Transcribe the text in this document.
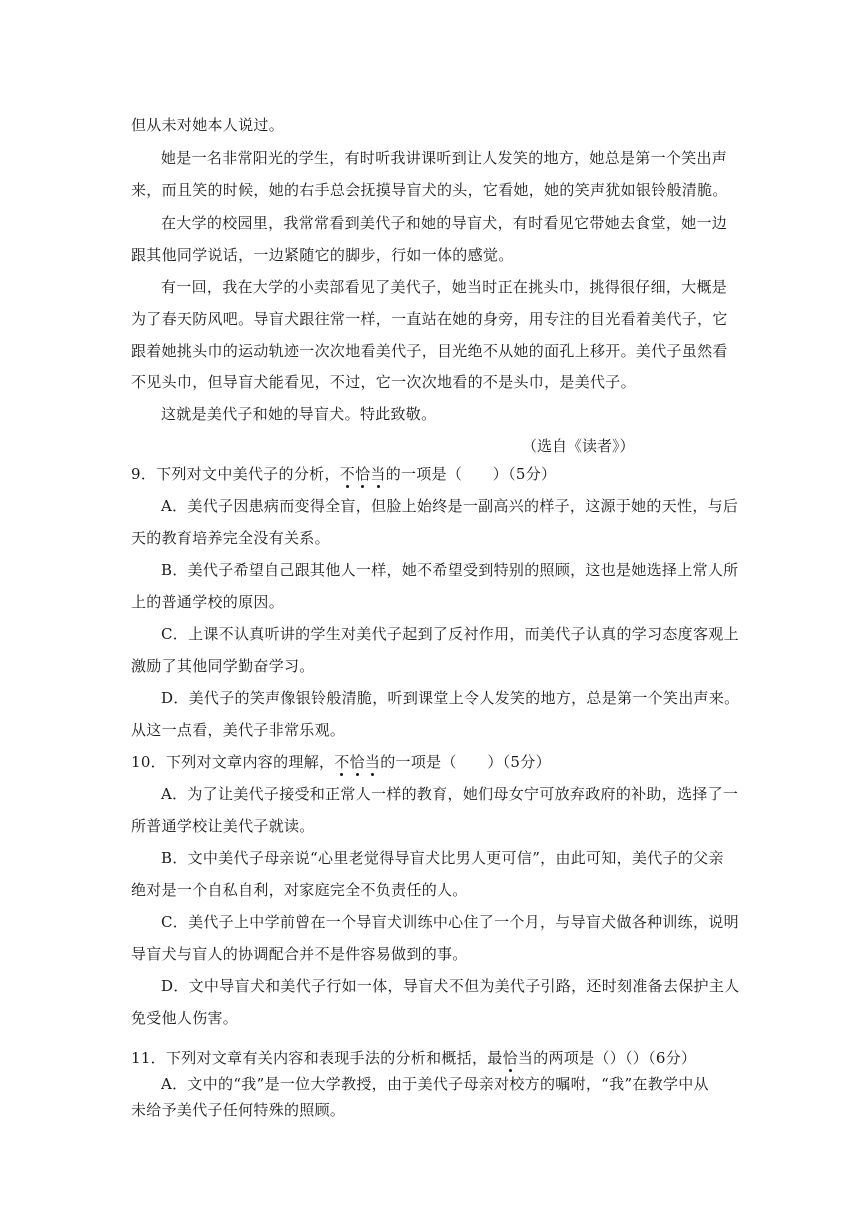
但从未对她本人说过。
她是一名非常阳光的学生，有时听我讲课听到让人发笑的地方，她总是第一个笑出声
来，而且笑的时候，她的右手总会抚摸导盲犬的头，它看她，她的笑声犹如银铃般清脆。
在大学的校园里，我常常看到美代子和她的导盲犬，有时看见它带她去食堂，她一边
跟其他同学说话，一边紧随它的脚步，行如一体的感觉。
有一回，我在大学的小卖部看见了美代子，她当时正在挑头巾，挑得很仔细，大概是
为了春天防风吧。导盲犬跟往常一样，一直站在她的身旁，用专注的目光看着美代子，它
跟着她挑头巾的运动轨迹一次次地看美代子，目光绝不从她的面孔上移开。美代子虽然看
不见头巾，但导盲犬能看见，不过，它一次次地看的不是头巾，是美代子。
这就是美代子和她的导盲犬。特此致敬。
（选自《读者》）
9．下列对文中美代子的分析，不恰当的一项是（　　）（5分）
A．美代子因患病而变得全盲，但脸上始终是一副高兴的样子，这源于她的天性，与后
天的教育培养完全没有关系。
B．美代子希望自己跟其他人一样，她不希望受到特别的照顾，这也是她选择上常人所
上的普通学校的原因。
C．上课不认真听讲的学生对美代子起到了反衬作用，而美代子认真的学习态度客观上
激励了其他同学勤奋学习。
D．美代子的笑声像银铃般清脆，听到课堂上令人发笑的地方，总是第一个笑出声来。
从这一点看，美代子非常乐观。
10．下列对文章内容的理解，不恰当的一项是（　　）（5分）
A．为了让美代子接受和正常人一样的教育，她们母女宁可放弃政府的补助，选择了一
所普通学校让美代子就读。
B．文中美代子母亲说“心里老觉得导盲犬比男人更可信”，由此可知，美代子的父亲
绝对是一个自私自利，对家庭完全不负责任的人。
C．美代子上中学前曾在一个导盲犬训练中心住了一个月，与导盲犬做各种训练，说明
导盲犬与盲人的协调配合并不是件容易做到的事。
D．文中导盲犬和美代子行如一体，导盲犬不但为美代子引路，还时刻准备去保护主人
免受他人伤害。
11．下列对文章有关内容和表现手法的分析和概括，最恰当的两项是（）（）（6分）
A．文中的“我”是一位大学教授，由于美代子母亲对校方的嘱咐，“我”在教学中从
未给予美代子任何特殊的照顾。
